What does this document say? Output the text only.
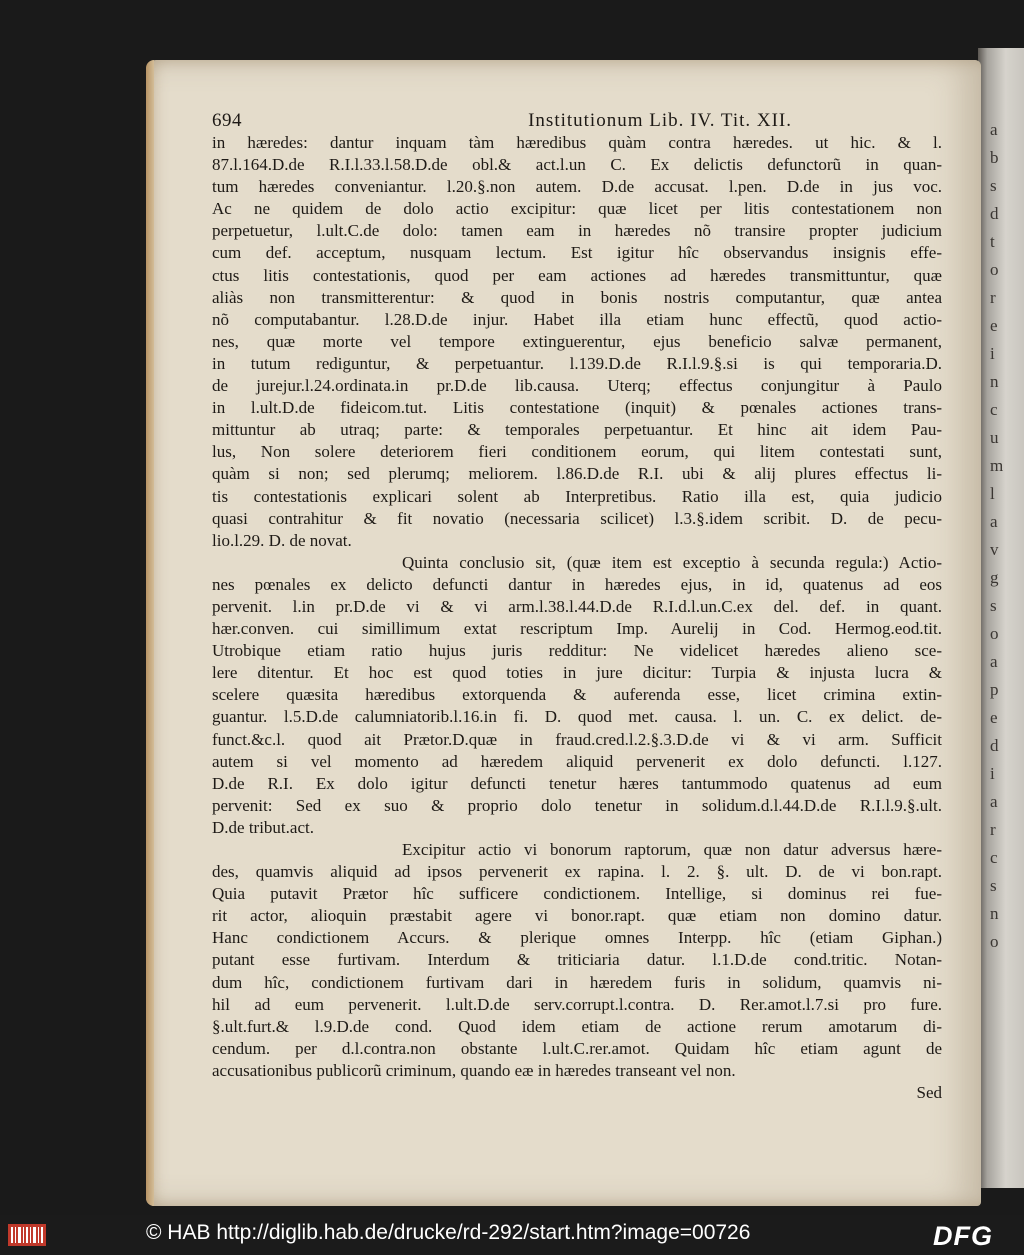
694	Institutionum Lib. IV. Tit. XII.
in hæredes: dantur inquam tàm hæredibus quàm contra hæredes. ut hic. & l.
87.l.164.D.de R.I.l.33.l.58.D.de obl.& act.l.un C. Ex delictis defunctorũ in quan-
tum hæredes conveniantur. l.20.§.non autem. D.de accusat. l.pen. D.de in jus voc.
Ac ne quidem de dolo actio excipitur: quæ licet per litis contestationem non
perpetuetur, l.ult.C.de dolo: tamen eam in hæredes nõ transire propter judicium
cum def. acceptum, nusquam lectum. Est igitur hîc observandus insignis effe-
ctus litis contestationis, quod per eam actiones ad hæredes transmittuntur, quæ
aliàs non transmitterentur: & quod in bonis nostris computantur, quæ antea
nõ computabantur. l.28.D.de injur. Habet illa etiam hunc effectũ, quod actio-
nes, quæ morte vel tempore extinguerentur, ejus beneficio salvæ permanent,
in tutum rediguntur, & perpetuantur. l.139.D.de R.I.l.9.§.si is qui temporaria.D.
de jurejur.l.24.ordinata.in pr.D.de lib.causa. Uterq; effectus conjungitur à Paulo
in l.ult.D.de fideicom.tut. Litis contestatione (inquit) & pœnales actiones trans-
mittuntur ab utraq; parte: & temporales perpetuantur. Et hinc ait idem Pau-
lus, Non solere deteriorem fieri conditionem eorum, qui litem contestati sunt,
quàm si non; sed plerumq; meliorem. l.86.D.de R.I. ubi & alij plures effectus li-
tis contestationis explicari solent ab Interpretibus. Ratio illa est, quia judicio
quasi contrahitur & fit novatio (necessaria scilicet) l.3.§.idem scribit. D. de pecu-
lio.l.29. D. de novat.
Quinta conclusio sit, (quæ item est exceptio à secunda regula:) Actio-
nes pœnales ex delicto defuncti dantur in hæredes ejus, in id, quatenus ad eos
pervenit. l.in pr.D.de vi & vi arm.l.38.l.44.D.de R.I.d.l.un.C.ex del. def. in quant.
hær.conven. cui simillimum extat rescriptum Imp. Aurelij in Cod. Hermog.eod.tit.
Utrobique etiam ratio hujus juris redditur: Ne videlicet hæredes alieno sce-
lere ditentur. Et hoc est quod toties in jure dicitur: Turpia & injusta lucra &
scelere quæsita hæredibus extorquenda & auferenda esse, licet crimina extin-
guantur. l.5.D.de calumniatorib.l.16.in fi. D. quod met. causa. l. un. C. ex delict. de-
funct.&c.l. quod ait Prætor.D.quæ in fraud.cred.l.2.§.3.D.de vi & vi arm. Sufficit
autem si vel momento ad hæredem aliquid pervenerit ex dolo defuncti. l.127.
D.de R.I. Ex dolo igitur defuncti tenetur hæres tantummodo quatenus ad eum
pervenit: Sed ex suo & proprio dolo tenetur in solidum.d.l.44.D.de R.I.l.9.§.ult.
D.de tribut.act.
Excipitur actio vi bonorum raptorum, quæ non datur adversus hære-
des, quamvis aliquid ad ipsos pervenerit ex rapina. l. 2. §. ult. D. de vi bon.rapt.
Quia putavit Prætor hîc sufficere condictionem. Intellige, si dominus rei fue-
rit actor, alioquin præstabit agere vi bonor.rapt. quæ etiam non domino datur.
Hanc condictionem Accurs. & plerique omnes Interpp. hîc (etiam Giphan.)
putant esse furtivam. Interdum & triticiaria datur. l.1.D.de cond.tritic. Notan-
dum hîc, condictionem furtivam dari in hæredem furis in solidum, quamvis ni-
hil ad eum pervenerit. l.ult.D.de serv.corrupt.l.contra. D. Rer.amot.l.7.si pro fure.
§.ult.furt.& l.9.D.de cond. Quod idem etiam de actione rerum amotarum di-
cendum. per d.l.contra.non obstante l.ult.C.rer.amot. Quidam hîc etiam agunt de
accusationibus publicorũ criminum, quando eæ in hæredes transeant vel non.
Sed
a
b
s
d
t
o
r
e
i
n
c
u
m
l
a
v
g
s
o
a
p
e
d
i
a
r
c
s
n
o
© HAB http://diglib.hab.de/drucke/rd-292/start.htm?image=00726	DFG
